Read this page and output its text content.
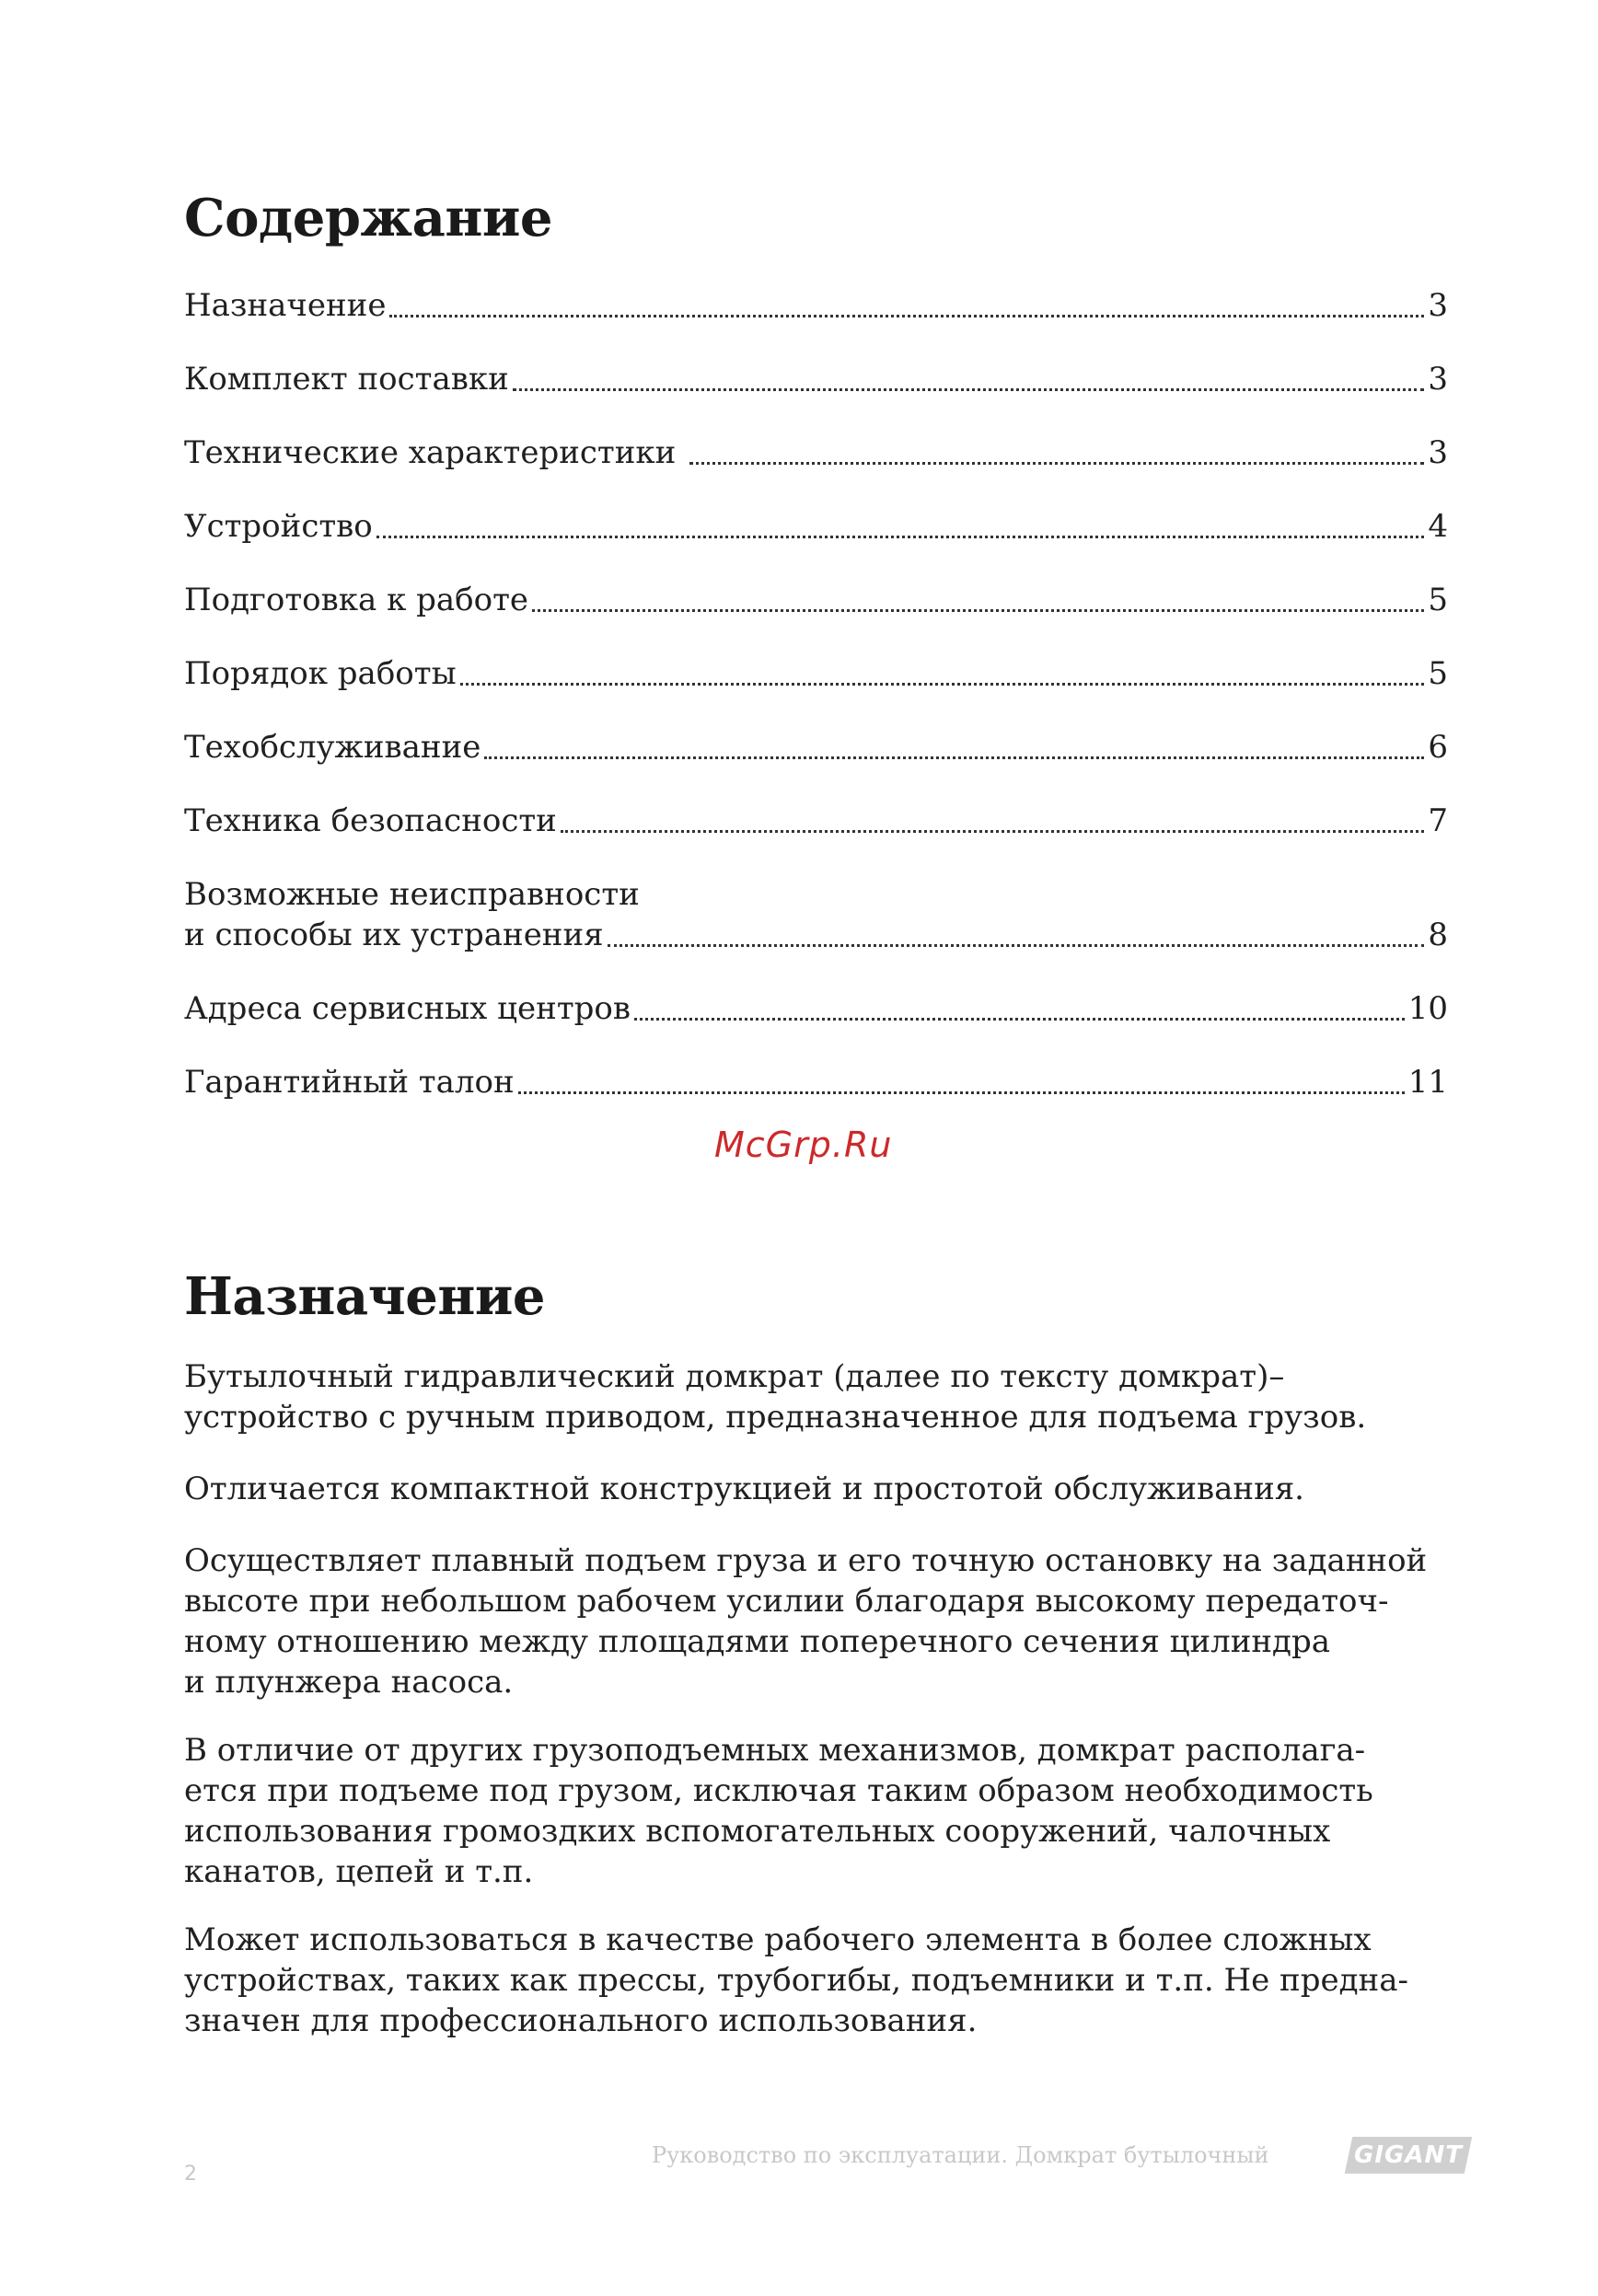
Содержание
Назначение	3
Комплект поставки	3
Технические характеристики	3
Устройство	4
Подготовка к работе	5
Порядок работы	5
Техобслуживание	6
Техника безопасности	7
Возможные неисправности
и способы их устранения	8
Адреса сервисных центров	10
Гарантийный талон	11
McGrp.Ru
Назначение

Бутылочный гидравлический домкрат (далее по тексту домкрат)–
устройство с ручным приводом, предназначенное для подъема грузов.

Отличается компактной конструкцией и простотой обслуживания.

Осуществляет плавный подъем груза и его точную остановку на заданной
высоте при небольшом рабочем усилии благодаря высокому передаточ-
ному отношению между площадями поперечного сечения цилиндра
и плунжера насоса.

В отличие от других грузоподъемных механизмов, домкрат располага-
ется при подъеме под грузом, исключая таким образом необходимость
использования громоздких вспомогательных сооружений, чалочных
канатов, цепей и т.п.

Может использоваться в качестве рабочего элемента в более сложных
устройствах, таких как прессы, трубогибы, подъемники и т.п. Не предна-
значен для профессионального использования.

2
Руководство по эксплуатации. Домкрат бутылочный	GIGANT
